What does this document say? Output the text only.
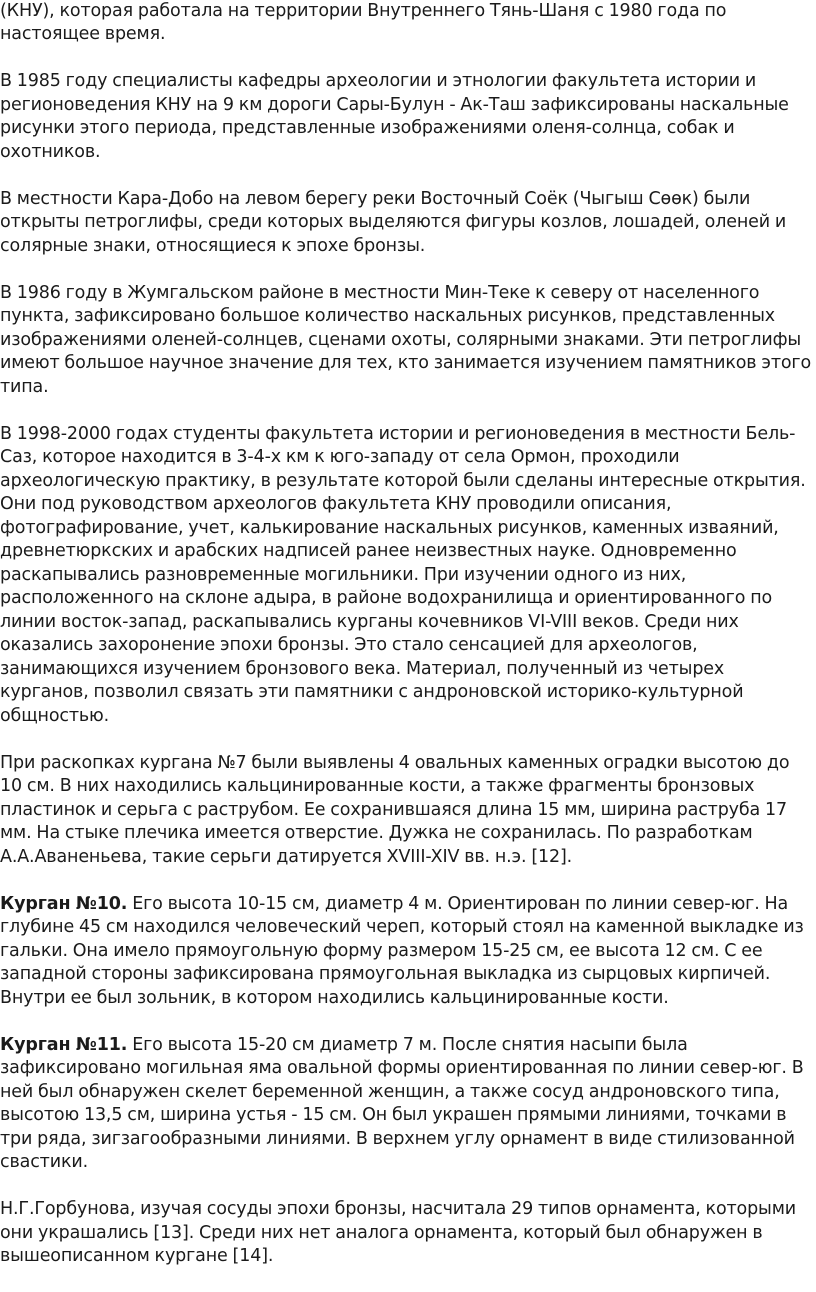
(КНУ), которая работала на территории Внутреннего Тянь-Шаня с 1980 года по настоящее время.

В 1985 году специалисты кафедры археологии и этнологии факультета истории и регионоведения КНУ на 9 км дороги Сары-Булун - Ак-Таш зафиксированы наскальные рисунки этого периода, представленные изображениями оленя-солнца, собак и охотников.

В местности Кара-Добо на левом берегу реки Восточный Соёк (Чыгыш Сөөк) были открыты петроглифы, среди которых выделяются фигуры козлов, лошадей, оленей и солярные знаки, относящиеся к эпохе бронзы.

В 1986 году в Жумгальском районе в местности Мин-Теке к северу от населенного пункта, зафиксировано большое количество наскальных рисунков, представленных изображениями оленей-солнцев, сценами охоты, солярными знаками. Эти петроглифы имеют большое научное значение для тех, кто занимается изучением памятников этого типа.

В 1998-2000 годах студенты факультета истории и регионоведения в местности Бель-Саз, которое находится в 3-4-х км к юго-западу от села Ормон, проходили археологическую практику, в результате которой были сделаны интересные открытия. Они под руководством археологов факультета КНУ проводили описания, фотографирование, учет, калькирование наскальных рисунков, каменных изваяний, древнетюркских и арабских надписей ранее неизвестных науке. Одновременно раскапывались разновременные могильники. При изучении одного из них, расположенного на склоне адыра, в районе водохранилища и ориентированного по линии восток-запад, раскапывались курганы кочевников VI-VIII веков. Среди них оказались захоронение эпохи бронзы. Это стало сенсацией для археологов, занимающихся изучением бронзового века. Материал, полученный из четырех курганов, позволил связать эти памятники с андроновской историко-культурной общностью.

При раскопках кургана №7 были выявлены 4 овальных каменных оградки высотою до 10 см. В них находились кальцинированные кости, а также фрагменты бронзовых пластинок и серьга с раструбом. Ее сохранившаяся длина 15 мм, ширина раструба 17 мм. На стыке плечика имеется отверстие. Дужка не сохранилась. По разработкам А.А.Аваненьева, такие серьги датируется XVIII-XIV вв. н.э. [12].

Курган №10. Его высота 10-15 см, диаметр 4 м. Ориентирован по линии север-юг. На глубине 45 см находился человеческий череп, который стоял на каменной выкладке из гальки. Она имело прямоугольную форму размером 15-25 см, ее высота 12 см. С ее западной стороны зафиксирована прямоугольная выкладка из сырцовых кирпичей. Внутри ее был зольник, в котором находились кальцинированные кости.

Курган №11. Его высота 15-20 см диаметр 7 м. После снятия насыпи была зафиксировано могильная яма овальной формы ориентированная по линии север-юг. В ней был обнаружен скелет беременной женщин, а также сосуд андроновского типа, высотою 13,5 см, ширина устья - 15 см. Он был украшен прямыми линиями, точками в три ряда, зигзагообразными линиями. В верхнем углу орнамент в виде стилизованной свастики.

Н.Г.Горбунова, изучая сосуды эпохи бронзы, насчитала 29 типов орнамента, которыми они украшались [13]. Среди них нет аналога орнамента, который был обнаружен в вышеописанном кургане [14].
